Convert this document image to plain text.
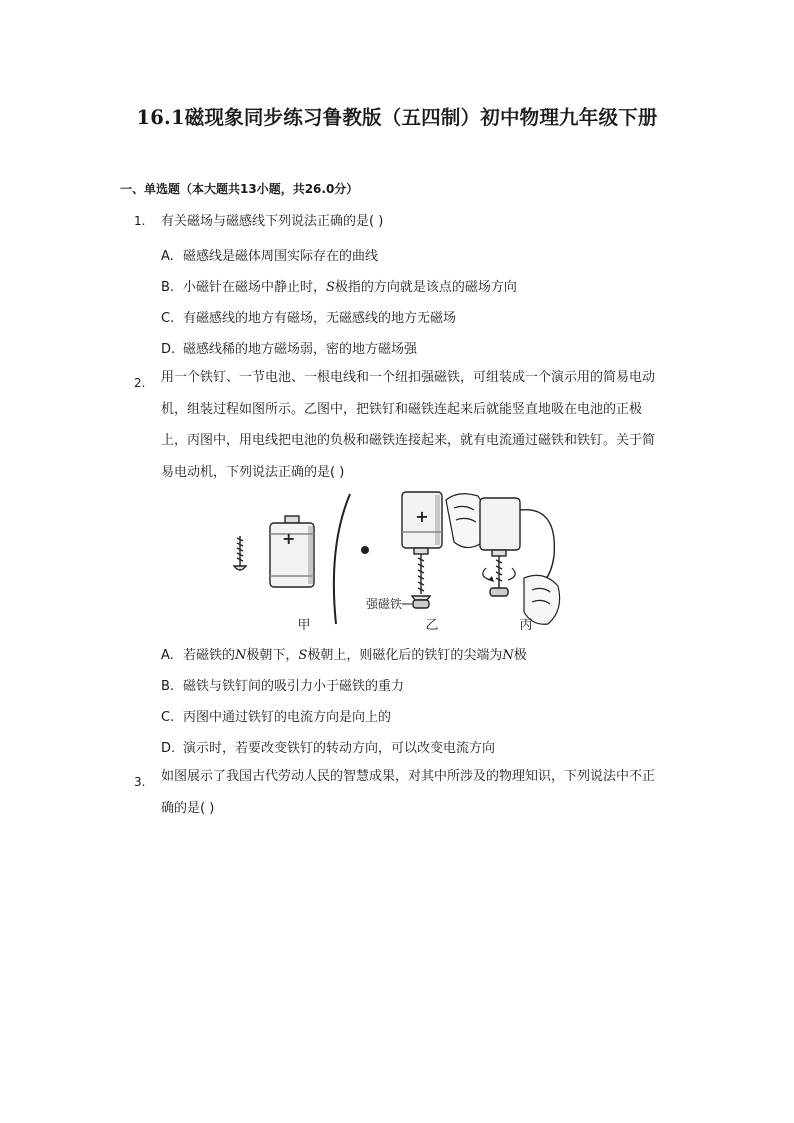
16.1磁现象同步练习鲁教版（五四制）初中物理九年级下册
一、单选题（本大题共13小题，共26.0分）
1. 有关磁场与磁感线下列说法正确的是( )
A. 磁感线是磁体周围实际存在的曲线
B. 小磁针在磁场中静止时，S极指的方向就是该点的磁场方向
C. 有磁感线的地方有磁场，无磁感线的地方无磁场
D. 磁感线稀的地方磁场弱，密的地方磁场强
2. 用一个铁钉、一节电池、一根电线和一个纽扣强磁铁，可组装成一个演示用的简易电动机，组装过程如图所示。乙图中，把铁钉和磁铁连起来后就能竖直地吸在电池的正极上，丙图中，用电线把电池的负极和磁铁连接起来，就有电流通过磁铁和铁钉。关于简易电动机，下列说法正确的是( )
+
+
强磁铁
甲	乙	丙
A. 若磁铁的N极朝下，S极朝上，则磁化后的铁钉的尖端为N极
B. 磁铁与铁钉间的吸引力小于磁铁的重力
C. 丙图中通过铁钉的电流方向是向上的
D. 演示时，若要改变铁钉的转动方向，可以改变电流方向
3. 如图展示了我国古代劳动人民的智慧成果，对其中所涉及的物理知识，下列说法中不正确的是( )
